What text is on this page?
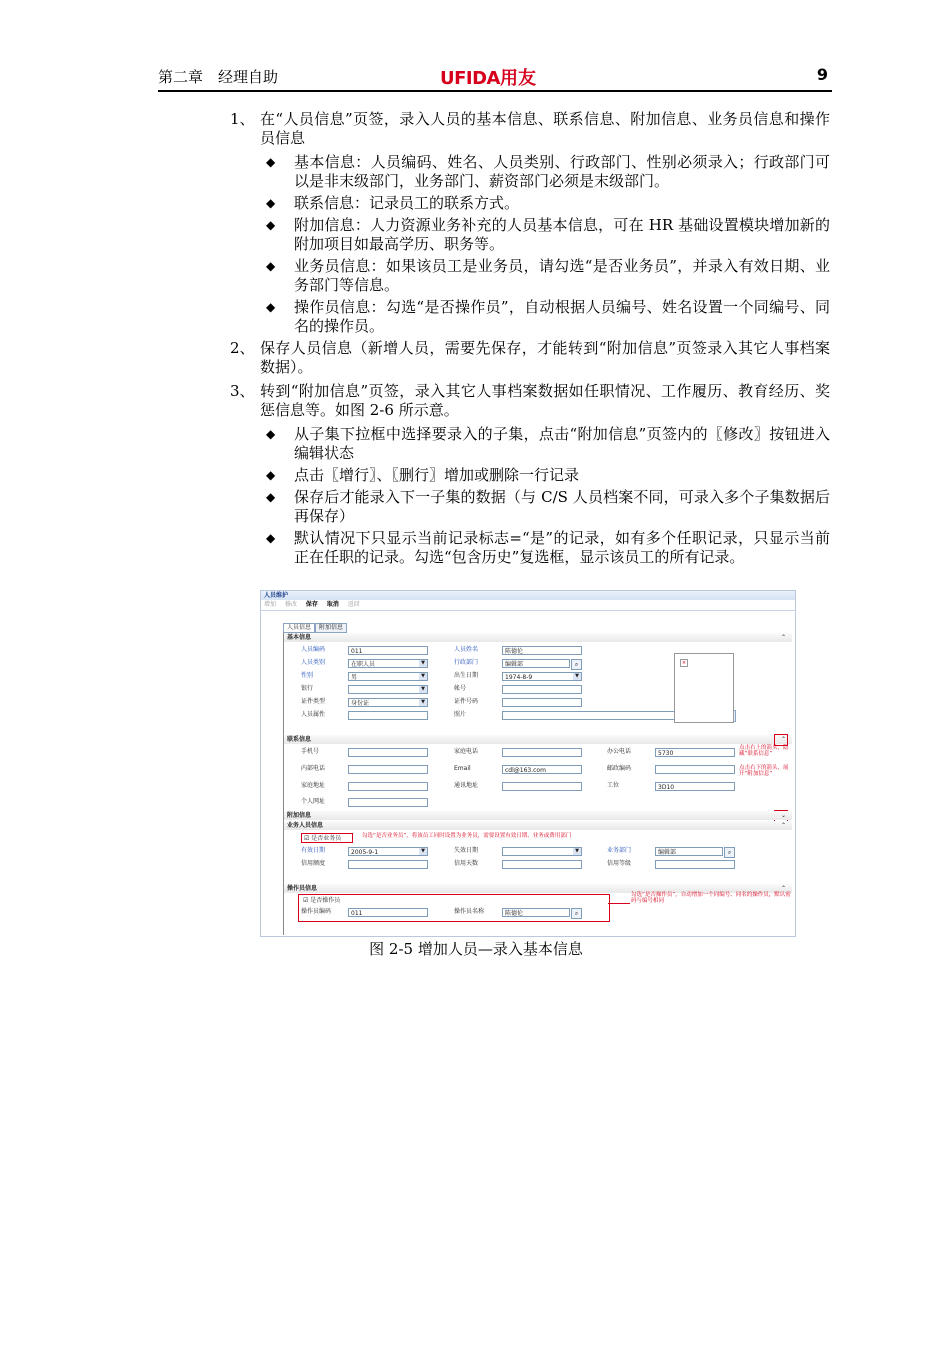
第二章　经理自助	UFIDA用友	9
1、 在“人员信息”页签，录入人员的基本信息、联系信息、附加信息、业务员信息和操作员信息
◆ 基本信息：人员编码、姓名、人员类别、行政部门、性别必须录入；行政部门可以是非末级部门，业务部门、薪资部门必须是末级部门。
◆ 联系信息：记录员工的联系方式。
◆ 附加信息：人力资源业务补充的人员基本信息，可在 HR 基础设置模块增加新的附加项目如最高学历、职务等。
◆ 业务员信息：如果该员工是业务员，请勾选“是否业务员”，并录入有效日期、业务部门等信息。
◆ 操作员信息：勾选“是否操作员”，自动根据人员编号、姓名设置一个同编号、同名的操作员。
2、 保存人员信息（新增人员，需要先保存，才能转到“附加信息”页签录入其它人事档案数据）。
3、 转到“附加信息”页签，录入其它人事档案数据如任职情况、工作履历、教育经历、奖惩信息等。如图 2-6 所示意。
◆ 从子集下拉框中选择要录入的子集，点击“附加信息”页签内的〖修改〗按钮进入编辑状态
◆ 点击〖增行〗、〖删行〗增加或删除一行记录
◆ 保存后才能录入下一子集的数据（与 C/S 人员档案不同，可录入多个子集数据后再保存）
◆ 默认情况下只显示当前记录标志=“是”的记录，如有多个任职记录，只显示当前正在任职的记录。勾选“包含历史”复选框，显示该员工的所有记录。
人员维护
增加 修改 保存 取消 返回
人员信息 附加信息
基本信息	⌃
人员编码	011	人员姓名	陈德伦
人员类别	在职人员	▼	行政部门	编辑部	⌕
性别	男	▼	出生日期	1974-8-9	▼
银行	▼	帐号
证件类型	身份证	▼	证件号码
人员属性	照片
×
联系信息	⌃
手机号	家庭电话	办公电话	5730
内部电话	Email	cdl@163.com	邮政编码
家庭地址	通讯地址	工位	3D10
个人网址
点击右上的箭头，隐藏“联系信息”
点击右下的箭头，展开“附加信息”
附加信息	⌄
业务人员信息	⌃
☑ 是否业务员	勾选“是否业务员”，将该员工同时设置为业务员，需要设置有效日期、业务或费用部门
有效日期	2005-9-1	▼	失效日期	▼	业务部门	编辑部	⌕
信用额度	信用天数	信用等级
操作员信息	⌃
☑ 是否操作员
操作员编码	011	操作员名称	陈德伦	⌕
勾选“是否操作员”，自动增加一个同编号、同名的操作员，默认密码与编号相同
图 2-5 增加人员—录入基本信息
